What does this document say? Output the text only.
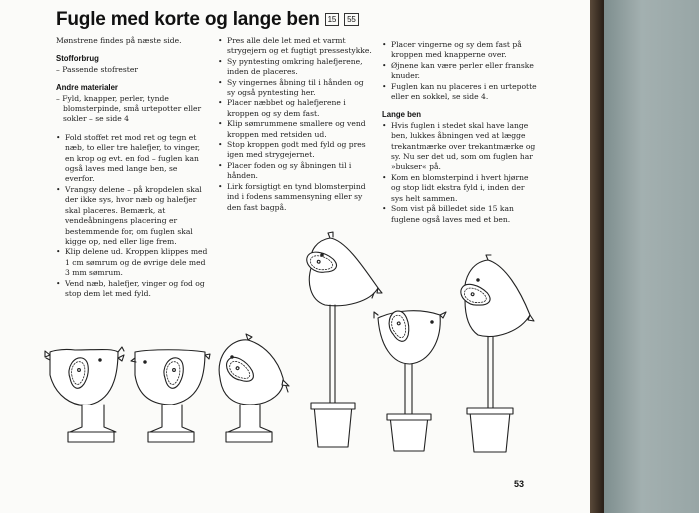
Fugle med korte og lange ben 15 55

Mønstrene findes på næste side.

Stofforbrug

– Passende stofrester

Andre materialer

– Fyld, knapper, perler, tynde blomsterpinde, små urtepotter eller sokler – se side 4

• Fold stoffet ret mod ret og tegn et næb, to eller tre halefjer, to vinger, en krop og evt. en fod – fuglen kan også laves med lange ben, se everfor.
• Vrangsy delene – på kropdelen skal der ikke sys, hvor næb og halefjer skal placeres. Bemærk, at vendeåbningens placering er bestemmende for, om fuglen skal kigge op, ned eller lige frem.
• Klip delene ud. Kroppen klippes med 1 cm sømrum og de øvrige dele med 3 mm sømrum.
• Vend næb, halefjer, vinger og fod og stop dem let med fyld.
• Pres alle dele let med et varmt strygejern og et fugtigt pressestykke.
• Sy pyntesting omkring halefjerene, inden de placeres.
• Sy vingernes åbning til i hånden og sy også pyntesting her.
• Placer næbbet og halefjerene i kroppen og sy dem fast.
• Klip sømrummene smallere og vend kroppen med retsiden ud.
• Stop kroppen godt med fyld og pres igen med strygejernet.
• Placer foden og sy åbningen til i hånden.
• Lirk forsigtigt en tynd blomsterpind ind i fodens sammensyning eller sy den fast bagpå.
• Placer vingerne og sy dem fast på kroppen med knapperne over.
• Øjnene kan være perler eller franske knuder.
• Fuglen kan nu placeres i en urtepotte eller en sokkel, se side 4.
Lange ben
• Hvis fuglen i stedet skal have lange ben, lukkes åbningen ved at lægge trekantmærke over trekantmærke og sy. Nu ser det ud, som om fuglen har »bukser« på.
• Kom en blomsterpind i hvert hjørne og stop lidt ekstra fyld i, inden der sys helt sammen.
• Som vist på billedet side 15 kan fuglene også laves med et ben.
53
